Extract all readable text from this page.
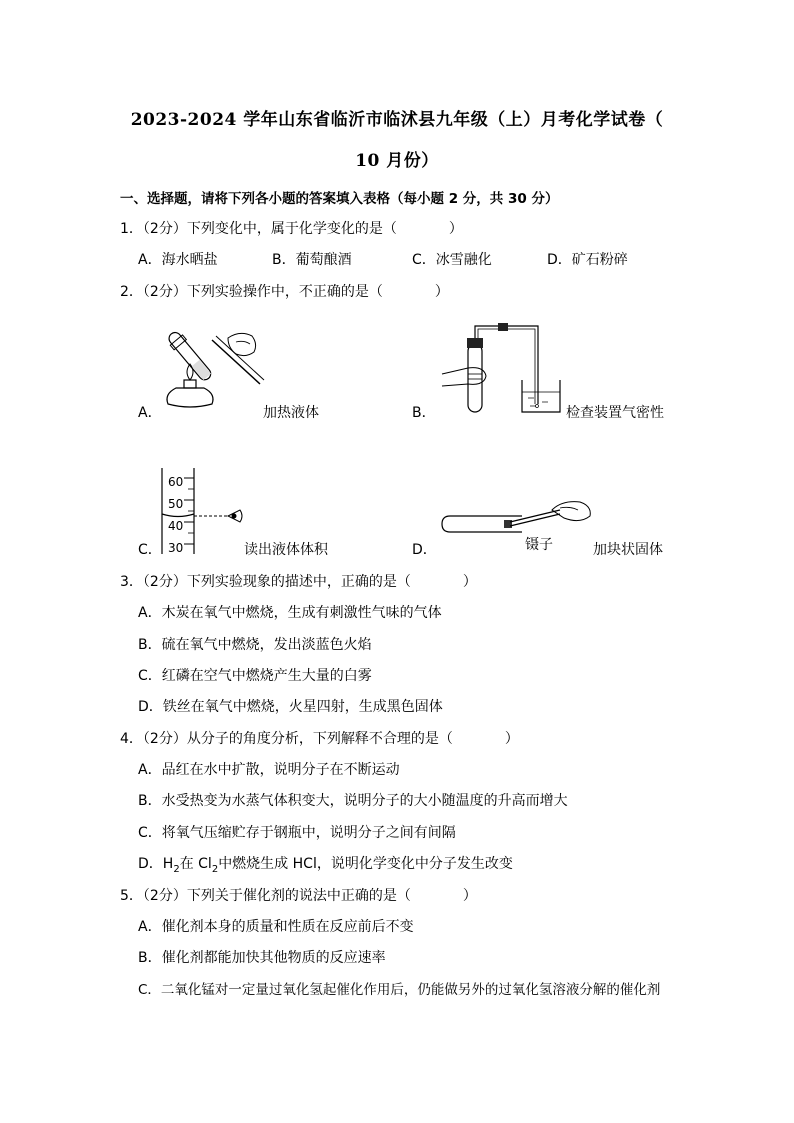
2023-2024 学年山东省临沂市临沭县九年级（上）月考化学试卷（
10 月份）
一、选择题，请将下列各小题的答案填入表格（每小题 2 分，共 30 分）
1．（2分）下列变化中，属于化学变化的是（	）
A．海水晒盐	B．葡萄酿酒	C．冰雪融化	D．矿石粉碎
2．（2分）下列实验操作中，不正确的是（	）
A．	加热液体	B．	检查装置气密性
C．
60
50
40
30	读出液体体积	D．	镊子	加块状固体
3．（2分）下列实验现象的描述中，正确的是（	）
A．木炭在氧气中燃烧，生成有刺激性气味的气体
B．硫在氧气中燃烧，发出淡蓝色火焰
C．红磷在空气中燃烧产生大量的白雾
D．铁丝在氧气中燃烧，火星四射，生成黑色固体
4．（2分）从分子的角度分析，下列解释不合理的是（	）
A．品红在水中扩散，说明分子在不断运动
B．水受热变为水蒸气体积变大，说明分子的大小随温度的升高而增大
C．将氧气压缩贮存于钢瓶中，说明分子之间有间隔
D．$H_2$在 $Cl_2$中燃烧生成 HCl，说明化学变化中分子发生改变
5．（2分）下列关于催化剂的说法中正确的是（	）
A．催化剂本身的质量和性质在反应前后不变
B．催化剂都能加快其他物质的反应速率
C．二氧化锰对一定量过氧化氢起催化作用后，仍能做另外的过氧化氢溶液分解的催化剂
